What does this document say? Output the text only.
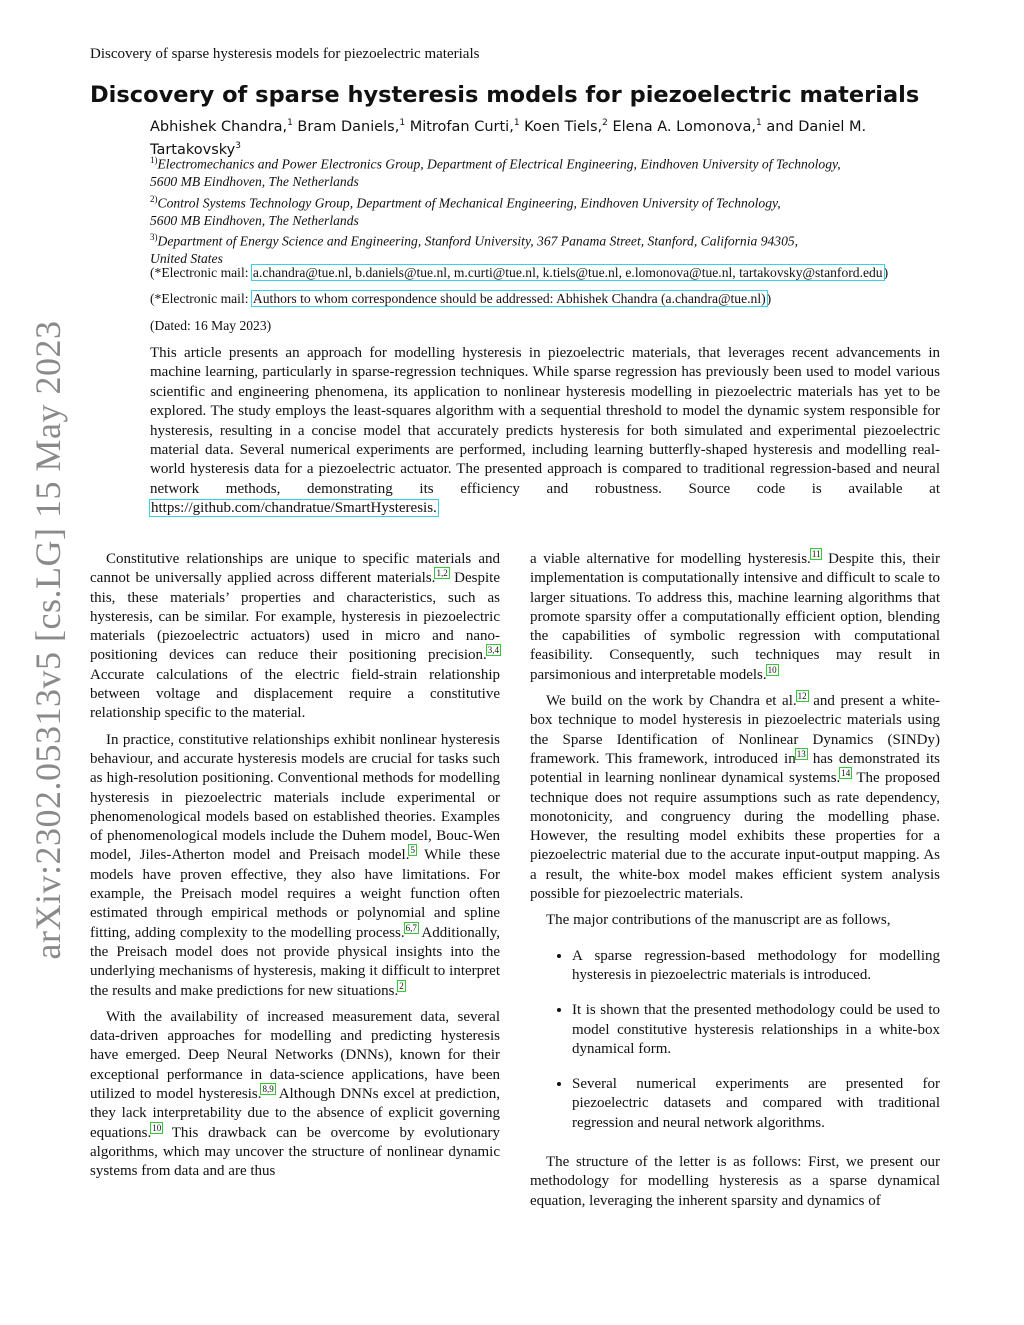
Discovery of sparse hysteresis models for piezoelectric materials
arXiv:2302.05313v5 [cs.LG] 15 May 2023
Discovery of sparse hysteresis models for piezoelectric materials
Abhishek Chandra,$^1$ Bram Daniels,$^1$ Mitrofan Curti,$^1$ Koen Tiels,$^2$ Elena A. Lomonova,$^1$ and Daniel M. Tartakovsky$^3$

$^{1)}$Electromechanics and Power Electronics Group, Department of Electrical Engineering, Eindhoven University of Technology,
5600 MB Eindhoven, The Netherlands

$^{2)}$Control Systems Technology Group, Department of Mechanical Engineering, Eindhoven University of Technology,
5600 MB Eindhoven, The Netherlands

$^{3)}$Department of Energy Science and Engineering, Stanford University, 367 Panama Street, Stanford, California 94305,
United States

(*Electronic mail: a.chandra@tue.nl, b.daniels@tue.nl, m.curti@tue.nl, k.tiels@tue.nl, e.lomonova@tue.nl, tartakovsky@stanford.edu)
(*Electronic mail: Authors to whom correspondence should be addressed: Abhishek Chandra (a.chandra@tue.nl))
(Dated: 16 May 2023)
This article presents an approach for modelling hysteresis in piezoelectric materials, that leverages recent advancements in machine learning, particularly in sparse-regression techniques. While sparse regression has previously been used to model various scientific and engineering phenomena, its application to nonlinear hysteresis modelling in piezoelectric materials has yet to be explored. The study employs the least-squares algorithm with a sequential threshold to model the dynamic system responsible for hysteresis, resulting in a concise model that accurately predicts hysteresis for both simulated and experimental piezoelectric material data. Several numerical experiments are performed, including learning butterfly-shaped hysteresis and modelling real-world hysteresis data for a piezoelectric actuator. The presented approach is compared to traditional regression-based and neural network methods, demonstrating its efficiency and robustness. Source code is available at https://github.com/chandratue/SmartHysteresis.

Constitutive relationships are unique to specific materials and cannot be universally applied across different materials.$^{1,2}$ Despite this, these materials’ properties and characteristics, such as hysteresis, can be similar. For example, hysteresis in piezoelectric materials (piezoelectric actuators) used in micro and nano-positioning devices can reduce their positioning precision.$^{3,4}$ Accurate calculations of the electric field-strain relationship between voltage and displacement require a constitutive relationship specific to the material.

In practice, constitutive relationships exhibit nonlinear hysteresis behaviour, and accurate hysteresis models are crucial for tasks such as high-resolution positioning. Conventional methods for modelling hysteresis in piezoelectric materials include experimental or phenomenological models based on established theories. Examples of phenomenological models include the Duhem model, Bouc-Wen model, Jiles-Atherton model and Preisach model.$^5$ While these models have proven effective, they also have limitations. For example, the Preisach model requires a weight function often estimated through empirical methods or polynomial and spline fitting, adding complexity to the modelling process.$^{6,7}$ Additionally, the Preisach model does not provide physical insights into the underlying mechanisms of hysteresis, making it difficult to interpret the results and make predictions for new situations.$^2$

With the availability of increased measurement data, several data-driven approaches for modelling and predicting hysteresis have emerged. Deep Neural Networks (DNNs), known for their exceptional performance in data-science applications, have been utilized to model hysteresis.$^{8,9}$ Although DNNs excel at prediction, they lack interpretability due to the absence of explicit governing equations.$^{10}$ This drawback can be overcome by evolutionary algorithms, which may uncover the structure of nonlinear dynamic systems from data and are thus

a viable alternative for modelling hysteresis.$^{11}$ Despite this, their implementation is computationally intensive and difficult to scale to larger situations. To address this, machine learning algorithms that promote sparsity offer a computationally efficient option, blending the capabilities of symbolic regression with computational feasibility. Consequently, such techniques may result in parsimonious and interpretable models.$^{10}$

We build on the work by Chandra et al.$^{12}$ and present a white-box technique to model hysteresis in piezoelectric materials using the Sparse Identification of Nonlinear Dynamics (SINDy) framework. This framework, introduced in$^{13}$ has demonstrated its potential in learning nonlinear dynamical systems.$^{14}$ The proposed technique does not require assumptions such as rate dependency, monotonicity, and congruency during the modelling phase. However, the resulting model exhibits these properties for a piezoelectric material due to the accurate input-output mapping. As a result, the white-box model makes efficient system analysis possible for piezoelectric materials.

The major contributions of the manuscript are as follows,

• A sparse regression-based methodology for modelling hysteresis in piezoelectric materials is introduced.
• It is shown that the presented methodology could be used to model constitutive hysteresis relationships in a white-box dynamical form.
• Several numerical experiments are presented for piezoelectric datasets and compared with traditional regression and neural network algorithms.

The structure of the letter is as follows: First, we present our methodology for modelling hysteresis as a sparse dynamical equation, leveraging the inherent sparsity and dynamics of
